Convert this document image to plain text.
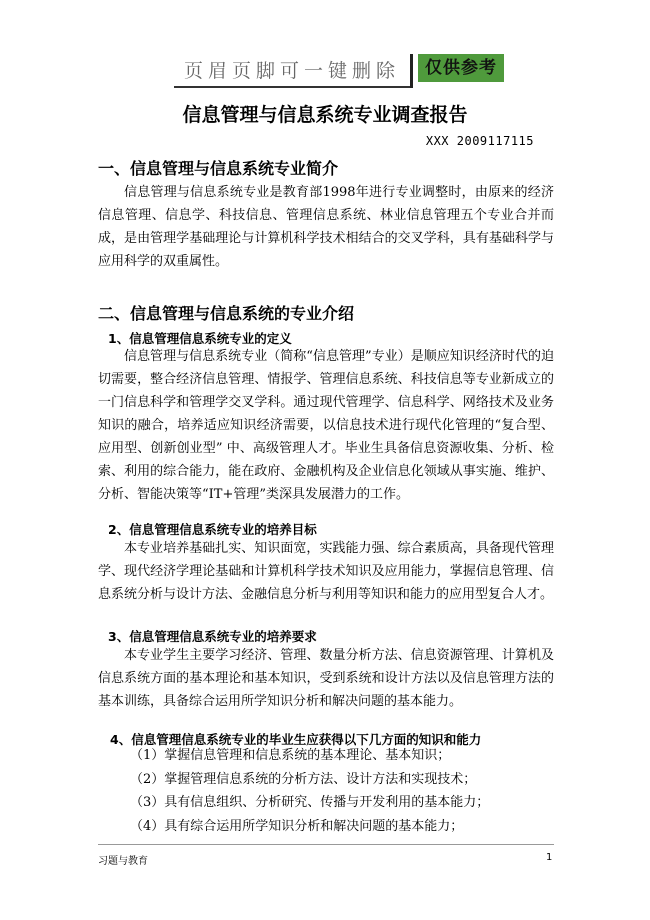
页眉页脚可一键删除	仅供参考
信息管理与信息系统专业调查报告
XXX 2009117115
一、信息管理与信息系统专业简介

信息管理与信息系统专业是教育部1998年进行专业调整时，由原来的经济信息管理、信息学、科技信息、管理信息系统、林业信息管理五个专业合并而成，是由管理学基础理论与计算机科学技术相结合的交叉学科，具有基础科学与应用科学的双重属性。

二、信息管理与信息系统的专业介绍
1、信息管理信息系统专业的定义

信息管理与信息系统专业（简称“信息管理”专业）是顺应知识经济时代的迫切需要，整合经济信息管理、情报学、管理信息系统、科技信息等专业新成立的一门信息科学和管理学交叉学科。通过现代管理学、信息科学、网络技术及业务知识的融合，培养适应知识经济需要，以信息技术进行现代化管理的“复合型、应用型、创新创业型” 中、高级管理人才。毕业生具备信息资源收集、分析、检索、利用的综合能力，能在政府、金融机构及企业信息化领域从事实施、维护、分析、智能决策等“IT+管理”类深具发展潜力的工作。

2、信息管理信息系统专业的培养目标

本专业培养基础扎实、知识面宽，实践能力强、综合素质高，具备现代管理学、现代经济学理论基础和计算机科学技术知识及应用能力，掌握信息管理、信息系统分析与设计方法、金融信息分析与利用等知识和能力的应用型复合人才。

3、信息管理信息系统专业的培养要求

本专业学生主要学习经济、管理、数量分析方法、信息资源管理、计算机及信息系统方面的基本理论和基本知识，受到系统和设计方法以及信息管理方法的基本训练，具备综合运用所学知识分析和解决问题的基本能力。

4、信息管理信息系统专业的毕业生应获得以下几方面的知识和能力
（1）掌握信息管理和信息系统的基本理论、基本知识；
（2）掌握管理信息系统的分析方法、设计方法和实现技术；
（3）具有信息组织、分析研究、传播与开发利用的基本能力；
（4）具有综合运用所学知识分析和解决问题的基本能力；
习题与教育	1
